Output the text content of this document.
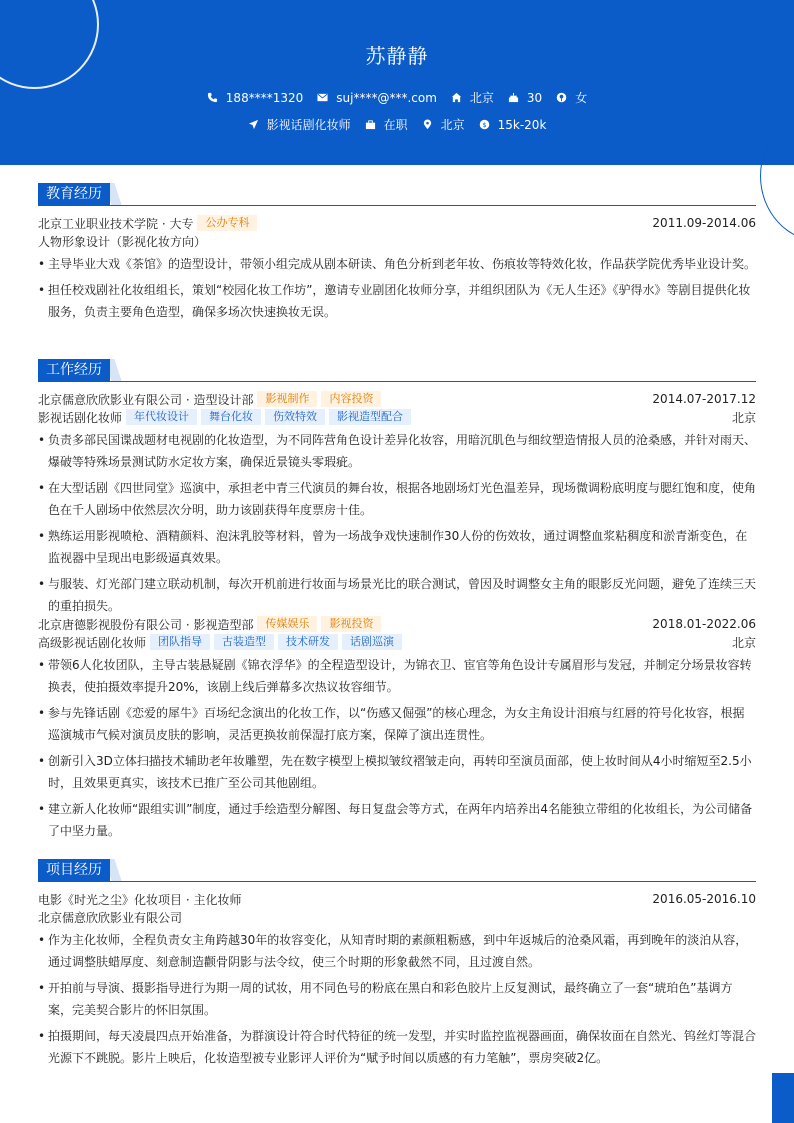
苏静静
188****1320	suj****@***.com	北京	30	女
影视话剧化妆师	在职	北京 $ 15k-20k
教育经历
北京工业职业技术学院 · 大专	公办专科	2011.09-2014.06
人物形象设计（影视化妆方向）
• 主导毕业大戏《茶馆》的造型设计，带领小组完成从剧本研读、角色分析到老年妆、伤痕妆等特效化妆，作品获学院优秀毕业设计奖。
• 担任校戏剧社化妆组组长，策划“校园化妆工作坊”，邀请专业剧团化妆师分享，并组织团队为《无人生还》《驴得水》等剧目提供化妆服务，负责主要角色造型，确保多场次快速换妆无误。
工作经历
北京儒意欣欣影业有限公司 · 造型设计部	影视制作	内容投资	2014.07-2017.12
影视话剧化妆师	年代妆设计	舞台化妆	伤效特效	影视造型配合	北京
• 负责多部民国谍战题材电视剧的化妆造型，为不同阵营角色设计差异化妆容，用暗沉肌色与细纹塑造情报人员的沧桑感，并针对雨天、爆破等特殊场景测试防水定妆方案，确保近景镜头零瑕疵。
• 在大型话剧《四世同堂》巡演中，承担老中青三代演员的舞台妆，根据各地剧场灯光色温差异，现场微调粉底明度与腮红饱和度，使角色在千人剧场中依然层次分明，助力该剧获得年度票房十佳。
• 熟练运用影视喷枪、酒精颜料、泡沫乳胶等材料，曾为一场战争戏快速制作30人份的伤效妆，通过调整血浆粘稠度和淤青渐变色，在监视器中呈现出电影级逼真效果。
• 与服装、灯光部门建立联动机制，每次开机前进行妆面与场景光比的联合测试，曾因及时调整女主角的眼影反光问题，避免了连续三天的重拍损失。
北京唐德影视股份有限公司 · 影视造型部	传媒娱乐	影视投资	2018.01-2022.06
高级影视话剧化妆师	团队指导	古装造型	技术研发	话剧巡演	北京
• 带领6人化妆团队，主导古装悬疑剧《锦衣浮华》的全程造型设计，为锦衣卫、宦官等角色设计专属眉形与发冠，并制定分场景妆容转换表，使拍摄效率提升20%，该剧上线后弹幕多次热议妆容细节。
• 参与先锋话剧《恋爱的犀牛》百场纪念演出的化妆工作，以“伤感又倔强”的核心理念，为女主角设计泪痕与红唇的符号化妆容，根据巡演城市气候对演员皮肤的影响，灵活更换妆前保湿打底方案，保障了演出连贯性。
• 创新引入3D立体扫描技术辅助老年妆雕塑，先在数字模型上模拟皱纹褶皱走向，再转印至演员面部，使上妆时间从4小时缩短至2.5小时，且效果更真实，该技术已推广至公司其他剧组。
• 建立新人化妆师“跟组实训”制度，通过手绘造型分解图、每日复盘会等方式，在两年内培养出4名能独立带组的化妆组长，为公司储备了中坚力量。
项目经历
电影《时光之尘》化妆项目 · 主化妆师	2016.05-2016.10
北京儒意欣欣影业有限公司
• 作为主化妆师，全程负责女主角跨越30年的妆容变化，从知青时期的素颜粗粝感，到中年返城后的沧桑风霜，再到晚年的淡泊从容，通过调整肤蜡厚度、刻意制造颧骨阴影与法令纹，使三个时期的形象截然不同，且过渡自然。
• 开拍前与导演、摄影指导进行为期一周的试妆，用不同色号的粉底在黑白和彩色胶片上反复测试，最终确立了一套“琥珀色”基调方案，完美契合影片的怀旧氛围。
• 拍摄期间，每天凌晨四点开始准备，为群演设计符合时代特征的统一发型，并实时监控监视器画面，确保妆面在自然光、钨丝灯等混合光源下不跳脱。影片上映后，化妆造型被专业影评人评价为“赋予时间以质感的有力笔触”，票房突破2亿。
